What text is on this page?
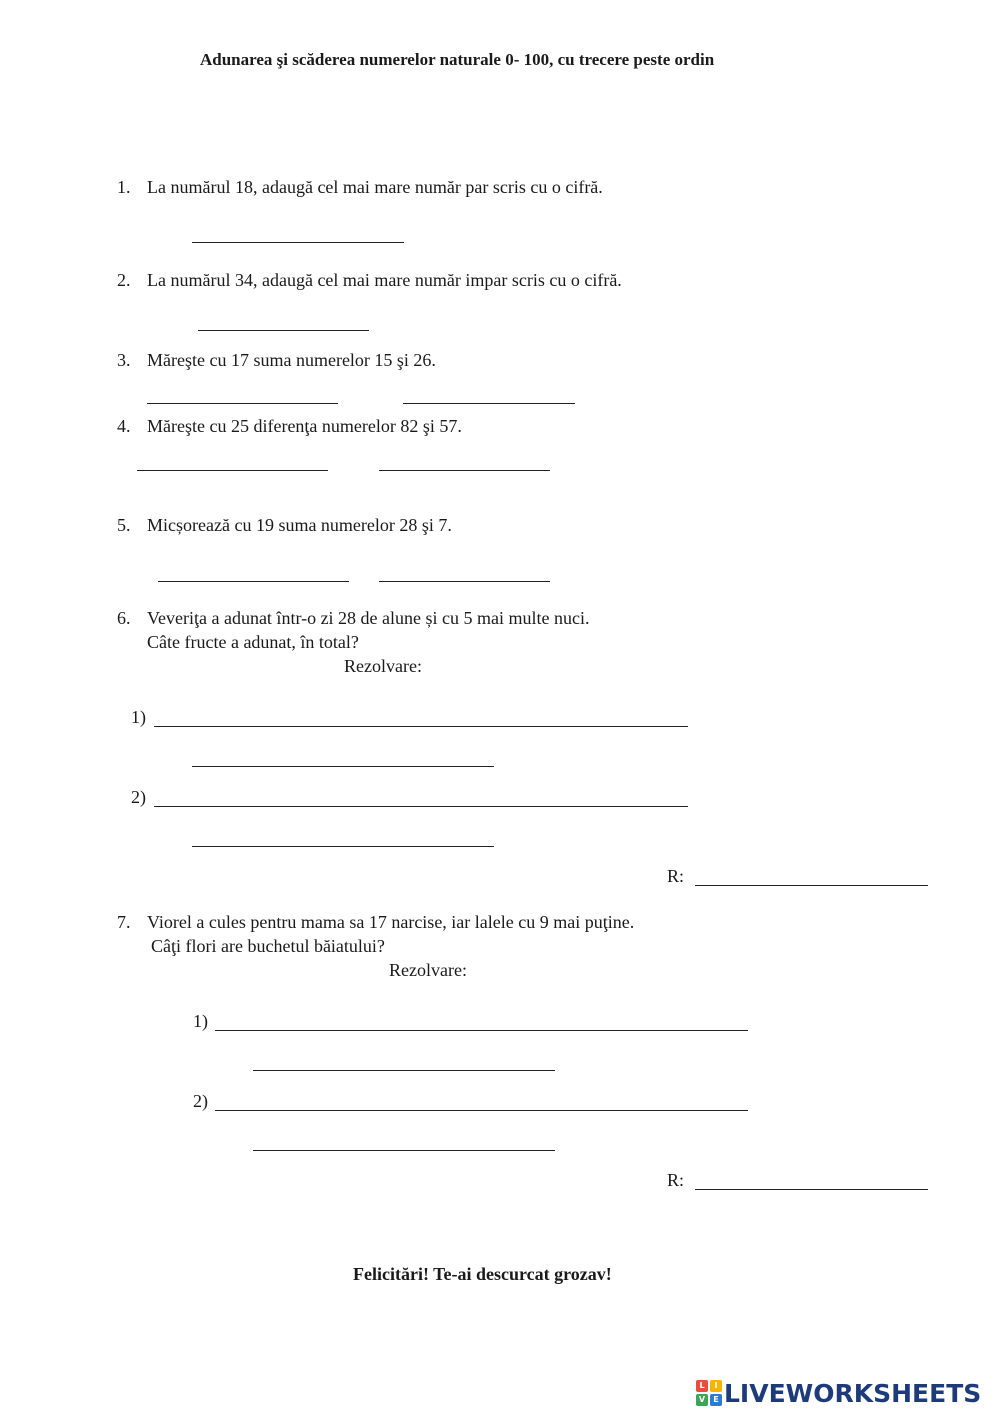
Adunarea şi scăderea numerelor naturale 0- 100, cu trecere peste ordin
1. La numărul 18, adaugă cel mai mare număr par scris cu o cifră.
2. La numărul 34, adaugă cel mai mare număr impar scris cu o cifră.
3. Măreşte cu 17 suma numerelor 15 şi 26.
4. Măreşte cu 25 diferenţa numerelor 82 şi 57.
5. Micșorează cu 19 suma numerelor 28 şi 7.
6. Veveriţa a adunat într-o zi 28 de alune și cu 5 mai multe nuci.
Câte fructe a adunat, în total?
Rezolvare:
1)
2)
R:
7. Viorel a cules pentru mama sa 17 narcise, iar lalele cu 9 mai puţine.
Câţi flori are buchetul băiatului?
Rezolvare:
1)
2)
R:
Felicitări! Te-ai descurcat grozav!
L	I
V	E LIVEWORKSHEETS
